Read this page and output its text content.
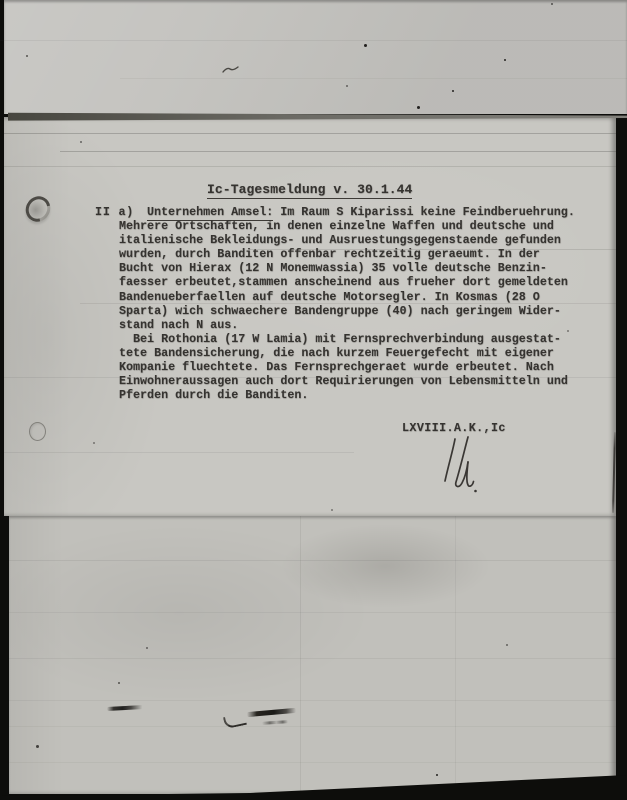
Ic-Tagesmeldung v. 30.1.44
II a) Unternehmen Amsel: Im Raum S Kiparissi keine Feindberuehrung.
Mehrere Ortschaften, in denen einzelne Waffen und deutsche und
italienische Bekleidungs- und Ausruestungsgegenstaende gefunden
wurden, durch Banditen offenbar rechtzeitig geraeumt. In der
Bucht von Hierax (12 N Monemwassia) 35 volle deutsche Benzin-
faesser erbeutet,stammen anscheinend aus frueher dort gemeldeten
Bandenueberfaellen auf deutsche Motorsegler. In Kosmas (28 O
Sparta) wich schwaechere Bandengruppe (40) nach geringem Wider-
stand nach N aus.
Bei Rothonia (17 W Lamia) mit Fernsprechverbindung ausgestat-
tete Bandensicherung, die nach kurzem Feuergefecht mit eigener
Kompanie fluechtete. Das Fernsprechgeraet wurde erbeutet. Nach
Einwohneraussagen auch dort Requirierungen von Lebensmitteln und
Pferden durch die Banditen.
LXVIII.A.K.,Ic
